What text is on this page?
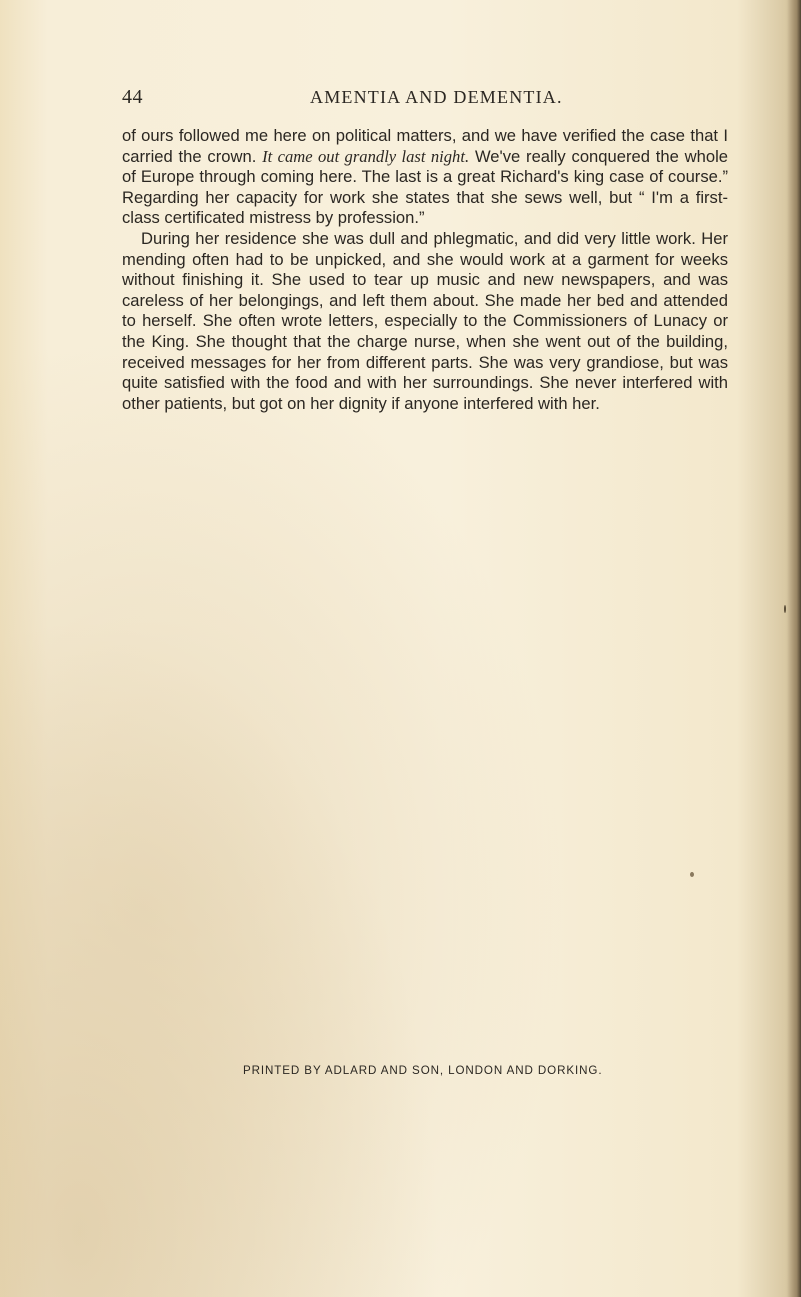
44	AMENTIA AND DEMENTIA.

of ours followed me here on political matters, and we have verified the case that I carried the crown. It came out grandly last night. We've really conquered the whole of Europe through coming here. The last is a great Richard's king case of course.” Regarding her capacity for work she states that she sews well, but “ I'm a first-class certificated mistress by profession.”

During her residence she was dull and phlegmatic, and did very little work. Her mending often had to be unpicked, and she would work at a garment for weeks without finishing it. She used to tear up music and new newspapers, and was careless of her belongings, and left them about. She made her bed and attended to herself. She often wrote letters, especially to the Commissioners of Lunacy or the King. She thought that the charge nurse, when she went out of the building, received messages for her from different parts. She was very grandiose, but was quite satisfied with the food and with her surroundings. She never interfered with other patients, but got on her dignity if anyone interfered with her.

PRINTED BY ADLARD AND SON, LONDON AND DORKING.
